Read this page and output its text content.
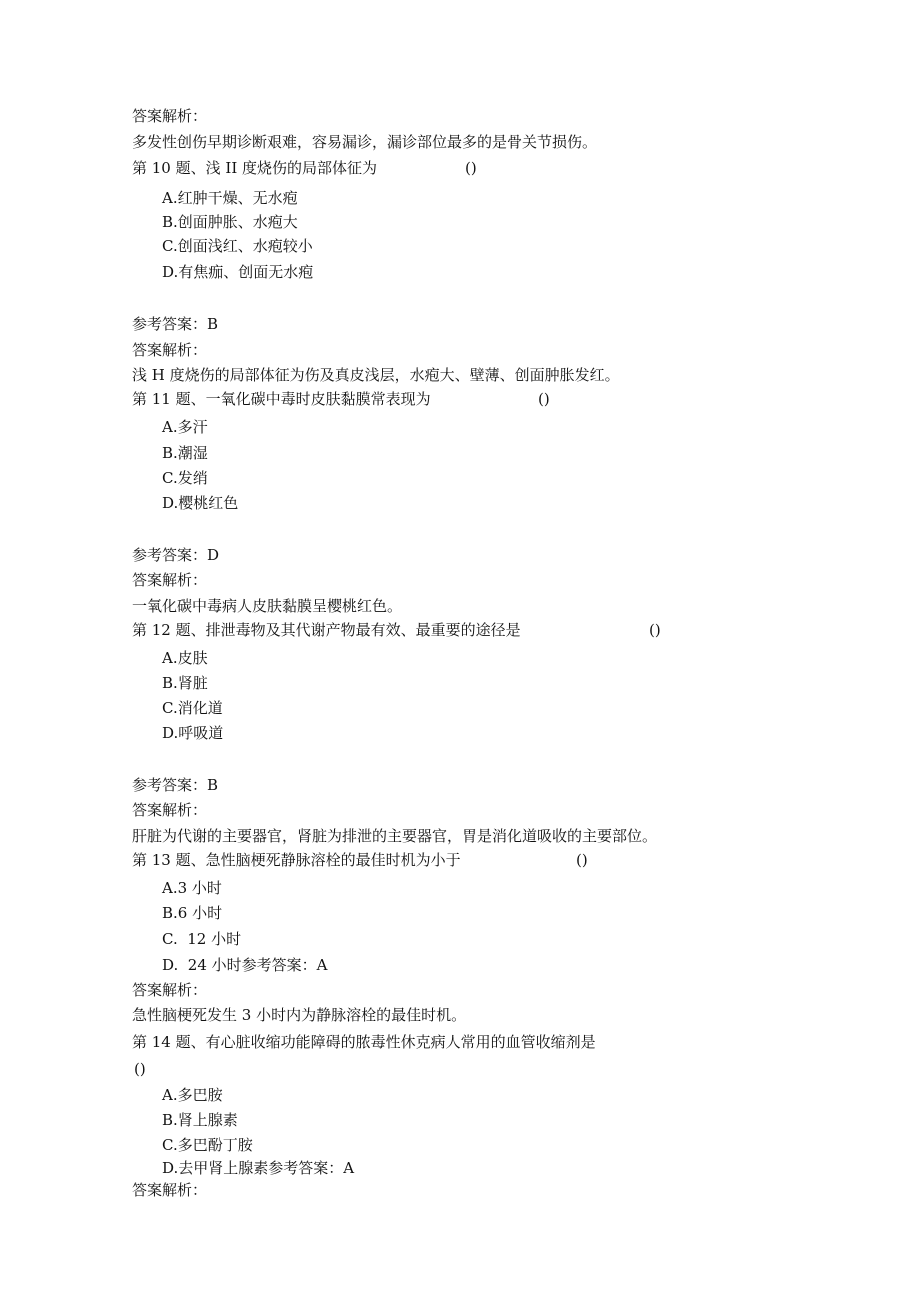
答案解析：
多发性创伤早期诊断艰难，容易漏诊，漏诊部位最多的是骨关节损伤。
第 10 题、浅 II 度烧伤的局部体征为	()
A.红肿干燥、无水疱
B.创面肿胀、水疱大
C.创面浅红、水疱较小
D.有焦痂、创面无水疱
参考答案：B
答案解析：
浅 H 度烧伤的局部体征为伤及真皮浅层，水疱大、壁薄、创面肿胀发红。
第 11 题、一氧化碳中毒时皮肤黏膜常表现为	()
A.多汗
B.潮湿
C.发绡
D.樱桃红色
参考答案：D
答案解析：
一氧化碳中毒病人皮肤黏膜呈樱桃红色。
第 12 题、排泄毒物及其代谢产物最有效、最重要的途径是	()
A.皮肤
B.肾脏
C.消化道
D.呼吸道
参考答案：B
答案解析：
肝脏为代谢的主要器官，肾脏为排泄的主要器官，胃是消化道吸收的主要部位。
第 13 题、急性脑梗死静脉溶栓的最佳时机为小于	()
A.3 小时
B.6 小时
C.  12 小时
D.  24 小时参考答案：A
答案解析：
急性脑梗死发生 3 小时内为静脉溶栓的最佳时机。
第 14 题、有心脏收缩功能障碍的脓毒性休克病人常用的血管收缩剂是
()
A.多巴胺
B.肾上腺素
C.多巴酚丁胺
D.去甲肾上腺素参考答案：A
答案解析：
